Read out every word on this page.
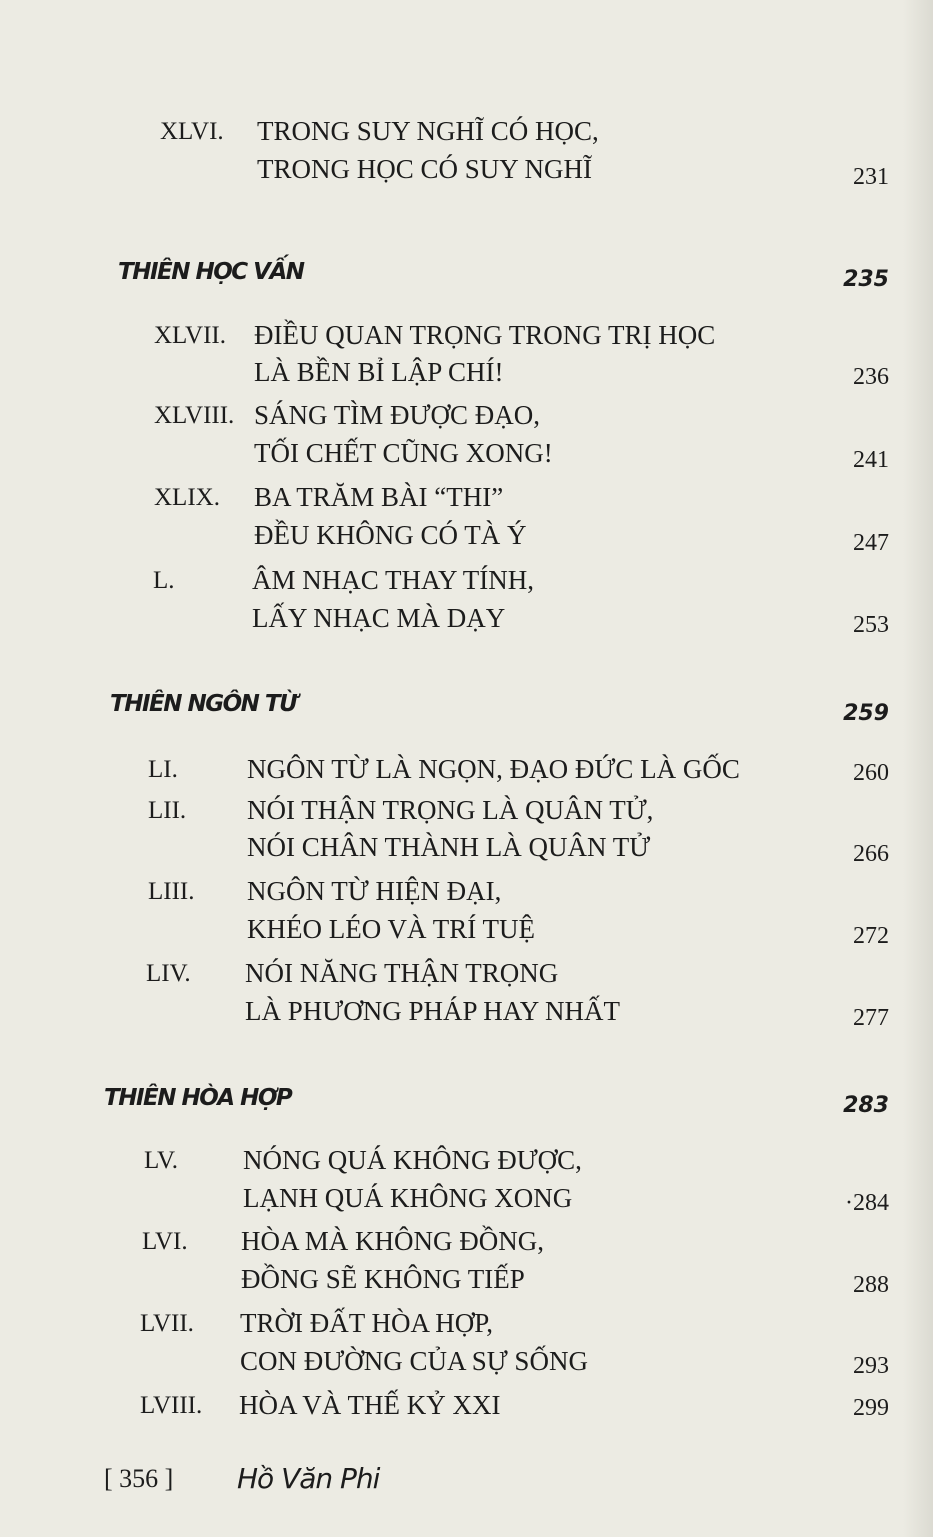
XLVI. TRONG SUY NGHĨ CÓ HỌC,
TRONG HỌC CÓ SUY NGHĨ	231
THIÊN HỌC VẤN	235
XLVII. ĐIỀU QUAN TRỌNG TRONG TRỊ HỌC
LÀ BỀN BỈ LẬP CHÍ!	236
XLVIII. SÁNG TÌM ĐƯỢC ĐẠO,
TỐI CHẾT CŨNG XONG!	241
XLIX. BA TRĂM BÀI “THI”
ĐỀU KHÔNG CÓ TÀ Ý	247
L.	ÂM NHẠC THAY TÍNH,
LẤY NHẠC MÀ DẠY	253
THIÊN NGÔN TỪ	259
LI.	NGÔN TỪ LÀ NGỌN, ĐẠO ĐỨC LÀ GỐC	260
LII. NÓI THẬN TRỌNG LÀ QUÂN TỬ,
NÓI CHÂN THÀNH LÀ QUÂN TỬ	266
LIII. NGÔN TỪ HIỆN ĐẠI,
KHÉO LÉO VÀ TRÍ TUỆ	272
LIV. NÓI NĂNG THẬN TRỌNG
LÀ PHƯƠNG PHÁP HAY NHẤT	277
THIÊN HÒA HỢP	283
LV. NÓNG QUÁ KHÔNG ĐƯỢC,
LẠNH QUÁ KHÔNG XONG	·284
LVI. HÒA MÀ KHÔNG ĐỒNG,
ĐỒNG SẼ KHÔNG TIẾP	288
LVII. TRỜI ĐẤT HÒA HỢP,
CON ĐƯỜNG CỦA SỰ SỐNG	293
LVIII. HÒA VÀ THẾ KỶ XXI	299
[ 356 ] Hồ Văn Phi
